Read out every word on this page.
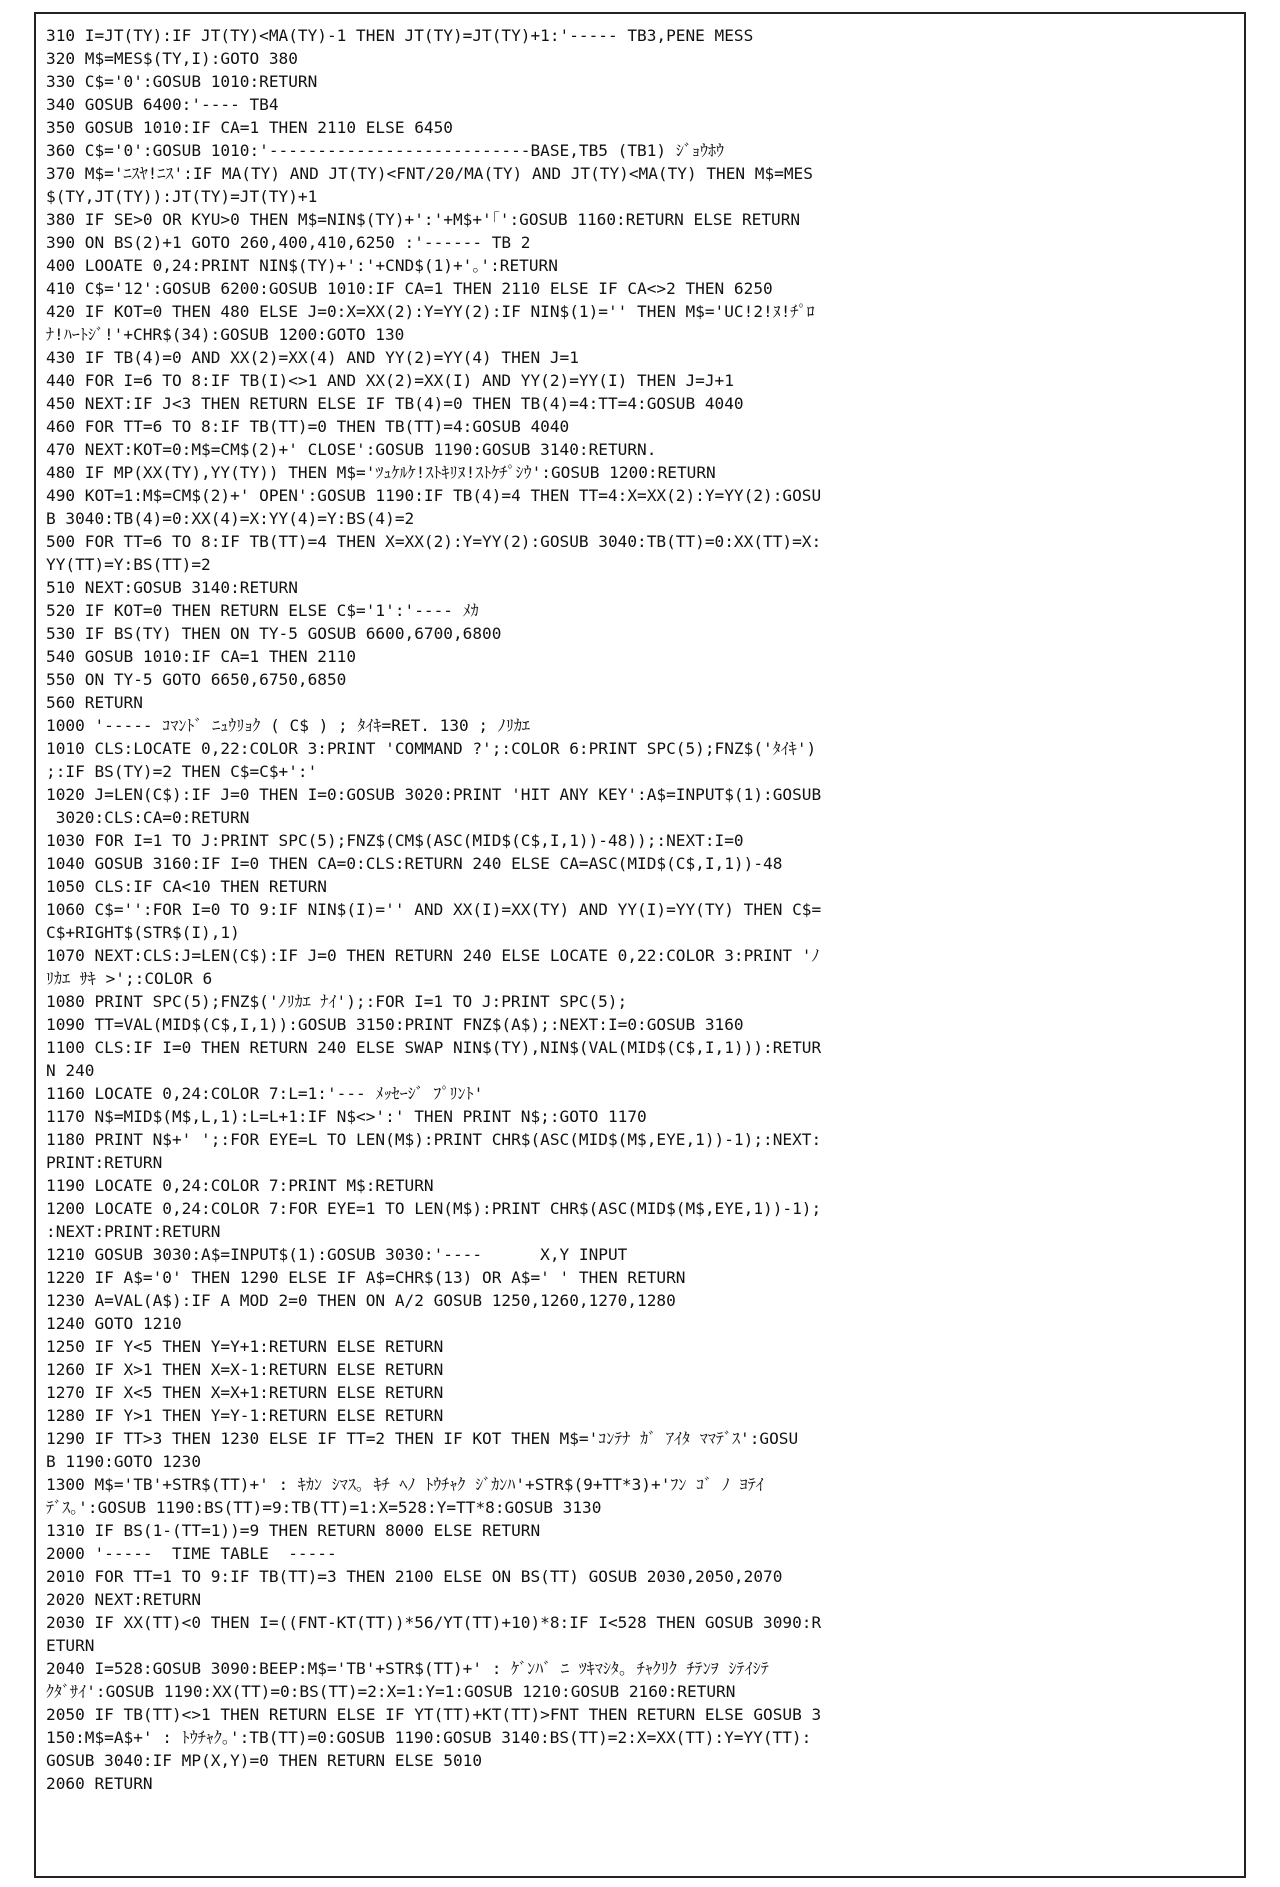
310 I=JT(TY):IF JT(TY)<MA(TY)-1 THEN JT(TY)=JT(TY)+1:'----- TB3,PENE MESS
320 M$=MES$(TY,I):GOTO 380
330 C$='0':GOSUB 1010:RETURN
340 GOSUB 6400:'---- TB4
350 GOSUB 1010:IF CA=1 THEN 2110 ELSE 6450
360 C$='0':GOSUB 1010:'---------------------------BASE,TB5 (TB1) ｼﾞｮｳﾎｳ
370 M$='ﾆｽﾔ!ﾆｽ':IF MA(TY) AND JT(TY)<FNT/20/MA(TY) AND JT(TY)<MA(TY) THEN M$=MES
$(TY,JT(TY)):JT(TY)=JT(TY)+1
380 IF SE>0 OR KYU>0 THEN M$=NIN$(TY)+':'+M$+'｢':GOSUB 1160:RETURN ELSE RETURN
390 ON BS(2)+1 GOTO 260,400,410,6250 :'------ TB 2
400 LOOATE 0,24:PRINT NIN$(TY)+':'+CND$(1)+'｡':RETURN
410 C$='12':GOSUB 6200:GOSUB 1010:IF CA=1 THEN 2110 ELSE IF CA<>2 THEN 6250
420 IF KOT=0 THEN 480 ELSE J=0:X=XX(2):Y=YY(2):IF NIN$(1)='' THEN M$='UC!2!ﾇ!ﾁﾟﾛ
ﾅ!ﾊｰﾄｼﾞ!'+CHR$(34):GOSUB 1200:GOTO 130
430 IF TB(4)=0 AND XX(2)=XX(4) AND YY(2)=YY(4) THEN J=1
440 FOR I=6 TO 8:IF TB(I)<>1 AND XX(2)=XX(I) AND YY(2)=YY(I) THEN J=J+1
450 NEXT:IF J<3 THEN RETURN ELSE IF TB(4)=0 THEN TB(4)=4:TT=4:GOSUB 4040
460 FOR TT=6 TO 8:IF TB(TT)=0 THEN TB(TT)=4:GOSUB 4040
470 NEXT:KOT=0:M$=CM$(2)+' CLOSE':GOSUB 1190:GOSUB 3140:RETURN.
480 IF MP(XX(TY),YY(TY)) THEN M$='ﾂｭｹﾙｹ!ｽﾄｷﾘﾇ!ｽﾄｹﾁﾟｼｳ':GOSUB 1200:RETURN
490 KOT=1:M$=CM$(2)+' OPEN':GOSUB 1190:IF TB(4)=4 THEN TT=4:X=XX(2):Y=YY(2):GOSU
B 3040:TB(4)=0:XX(4)=X:YY(4)=Y:BS(4)=2
500 FOR TT=6 TO 8:IF TB(TT)=4 THEN X=XX(2):Y=YY(2):GOSUB 3040:TB(TT)=0:XX(TT)=X:
YY(TT)=Y:BS(TT)=2
510 NEXT:GOSUB 3140:RETURN
520 IF KOT=0 THEN RETURN ELSE C$='1':'---- ﾒｶ
530 IF BS(TY) THEN ON TY-5 GOSUB 6600,6700,6800
540 GOSUB 1010:IF CA=1 THEN 2110
550 ON TY-5 GOTO 6650,6750,6850
560 RETURN
1000 '----- ｺﾏﾝﾄﾞ ﾆｭｳﾘｮｸ ( C$ ) ; ﾀｲｷ=RET. 130 ; ﾉﾘｶｴ
1010 CLS:LOCATE 0,22:COLOR 3:PRINT 'COMMAND ?';:COLOR 6:PRINT SPC(5);FNZ$('ﾀｲｷ')
;:IF BS(TY)=2 THEN C$=C$+':'
1020 J=LEN(C$):IF J=0 THEN I=0:GOSUB 3020:PRINT 'HIT ANY KEY':A$=INPUT$(1):GOSUB
3020:CLS:CA=0:RETURN
1030 FOR I=1 TO J:PRINT SPC(5);FNZ$(CM$(ASC(MID$(C$,I,1))-48));:NEXT:I=0
1040 GOSUB 3160:IF I=0 THEN CA=0:CLS:RETURN 240 ELSE CA=ASC(MID$(C$,I,1))-48
1050 CLS:IF CA<10 THEN RETURN
1060 C$='':FOR I=0 TO 9:IF NIN$(I)='' AND XX(I)=XX(TY) AND YY(I)=YY(TY) THEN C$=
C$+RIGHT$(STR$(I),1)
1070 NEXT:CLS:J=LEN(C$):IF J=0 THEN RETURN 240 ELSE LOCATE 0,22:COLOR 3:PRINT 'ﾉ
ﾘｶｴ ｻｷ >';:COLOR 6
1080 PRINT SPC(5);FNZ$('ﾉﾘｶｴ ﾅｲ');:FOR I=1 TO J:PRINT SPC(5);
1090 TT=VAL(MID$(C$,I,1)):GOSUB 3150:PRINT FNZ$(A$);:NEXT:I=0:GOSUB 3160
1100 CLS:IF I=0 THEN RETURN 240 ELSE SWAP NIN$(TY),NIN$(VAL(MID$(C$,I,1))):RETUR
N 240
1160 LOCATE 0,24:COLOR 7:L=1:'--- ﾒｯｾｰｼﾞ ﾌﾟﾘﾝﾄ'
1170 N$=MID$(M$,L,1):L=L+1:IF N$<>':' THEN PRINT N$;:GOTO 1170
1180 PRINT N$+' ';:FOR EYE=L TO LEN(M$):PRINT CHR$(ASC(MID$(M$,EYE,1))-1);:NEXT:
PRINT:RETURN
1190 LOCATE 0,24:COLOR 7:PRINT M$:RETURN
1200 LOCATE 0,24:COLOR 7:FOR EYE=1 TO LEN(M$):PRINT CHR$(ASC(MID$(M$,EYE,1))-1);
:NEXT:PRINT:RETURN
1210 GOSUB 3030:A$=INPUT$(1):GOSUB 3030:'----      X,Y INPUT
1220 IF A$='0' THEN 1290 ELSE IF A$=CHR$(13) OR A$=' ' THEN RETURN
1230 A=VAL(A$):IF A MOD 2=0 THEN ON A/2 GOSUB 1250,1260,1270,1280
1240 GOTO 1210
1250 IF Y<5 THEN Y=Y+1:RETURN ELSE RETURN
1260 IF X>1 THEN X=X-1:RETURN ELSE RETURN
1270 IF X<5 THEN X=X+1:RETURN ELSE RETURN
1280 IF Y>1 THEN Y=Y-1:RETURN ELSE RETURN
1290 IF TT>3 THEN 1230 ELSE IF TT=2 THEN IF KOT THEN M$='ｺﾝﾃﾅ ｶﾞ ｱｲﾀ ﾏﾏﾃﾞｽ':GOSU
B 1190:GOTO 1230
1300 M$='TB'+STR$(TT)+' : ｷｶﾝ ｼﾏｽ｡ ｷﾁ ﾍﾉ ﾄｳﾁｬｸ ｼﾞｶﾝﾊ'+STR$(9+TT*3)+'ﾌﾝ ｺﾞ ﾉ ﾖﾃｲ
ﾃﾞｽ｡':GOSUB 1190:BS(TT)=9:TB(TT)=1:X=528:Y=TT*8:GOSUB 3130
1310 IF BS(1-(TT=1))=9 THEN RETURN 8000 ELSE RETURN
2000 '-----  TIME TABLE  -----
2010 FOR TT=1 TO 9:IF TB(TT)=3 THEN 2100 ELSE ON BS(TT) GOSUB 2030,2050,2070
2020 NEXT:RETURN
2030 IF XX(TT)<0 THEN I=((FNT-KT(TT))*56/YT(TT)+10)*8:IF I<528 THEN GOSUB 3090:R
ETURN
2040 I=528:GOSUB 3090:BEEP:M$='TB'+STR$(TT)+' : ｹﾞﾝﾊﾞ ﾆ ﾂｷﾏｼﾀ｡ ﾁｬｸﾘｸ ﾁﾃﾝｦ ｼﾃｲｼﾃ
ｸﾀﾞｻｲ':GOSUB 1190:XX(TT)=0:BS(TT)=2:X=1:Y=1:GOSUB 1210:GOSUB 2160:RETURN
2050 IF TB(TT)<>1 THEN RETURN ELSE IF YT(TT)+KT(TT)>FNT THEN RETURN ELSE GOSUB 3
150:M$=A$+' : ﾄｳﾁｬｸ｡':TB(TT)=0:GOSUB 1190:GOSUB 3140:BS(TT)=2:X=XX(TT):Y=YY(TT):
GOSUB 3040:IF MP(X,Y)=0 THEN RETURN ELSE 5010
2060 RETURN
